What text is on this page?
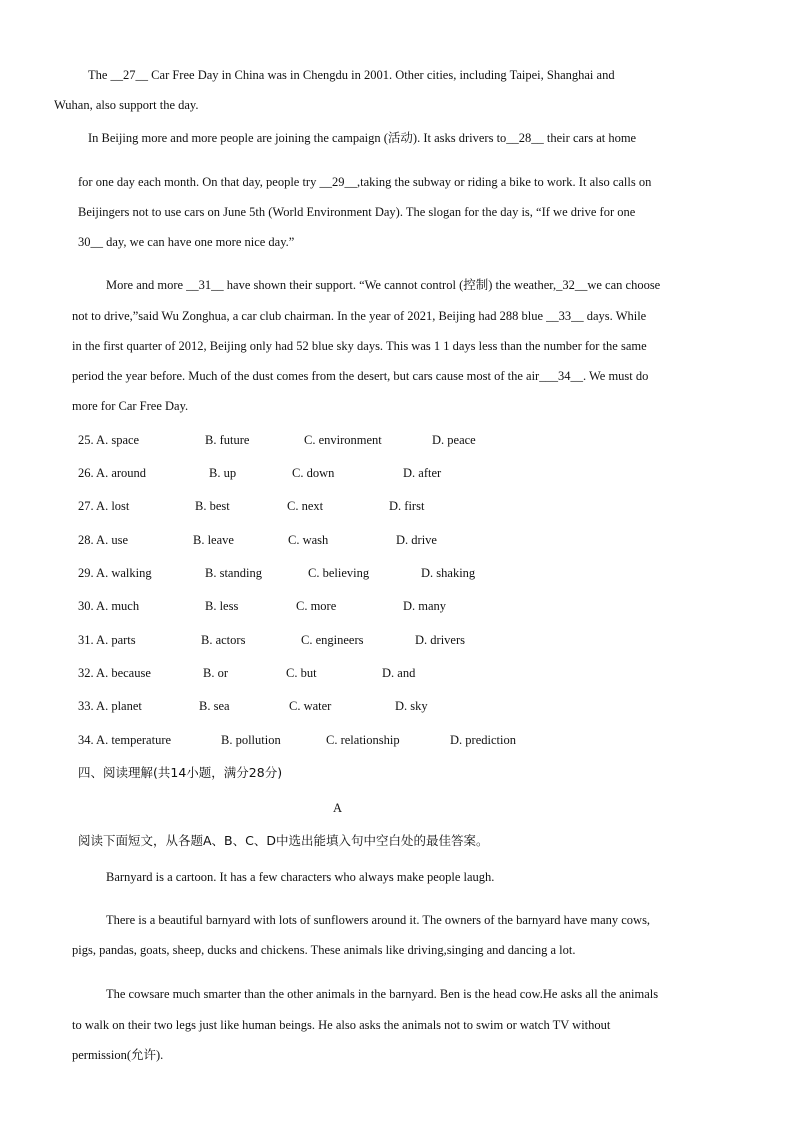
The __27__ Car Free Day in China was in Chengdu in 2001. Other cities, including Taipei, Shanghai and
Wuhan, also support the day.
In Beijing more and more people are joining the campaign (活动). It asks drivers to__28__ their cars at home
for one day each month. On that day, people try __29__,taking the subway or riding a bike to work. It also calls on
Beijingers not to use cars on June 5th (World Environment Day). The slogan for the day is, “If we drive for one
30__ day, we can have one more nice day.”
More and more __31__ have shown their support. “We cannot control (控制) the weather,_32__we can choose
not to drive,”said Wu Zonghua, a car club chairman. In the year of 2021, Beijing had 288 blue __33__ days. While
in the first quarter of 2012, Beijing only had 52 blue sky days. This was 1 1 days less than the number for the same
period the year before. Much of the dust comes from the desert, but cars cause most of the air___34__. We must do
more for Car Free Day.
25. A. space	B. future	C. environment	D. peace
26. A. around	B. up	C. down	D. after
27. A. lost	B. best	C. next	D. first
28. A. use	B. leave	C. wash	D. drive
29. A. walking	B. standing	C. believing	D. shaking
30. A. much	B. less	C. more	D. many
31. A. parts	B. actors	C. engineers	D. drivers
32. A. because	B. or	C. but	D. and
33. A. planet	B. sea	C. water	D. sky
34. A. temperature	B. pollution	C. relationship	D. prediction
四、阅读理解(共14小题，满分28分)
A
阅读下面短文，从各题A、B、C、D中选出能填入句中空白处的最佳答案。
Barnyard is a cartoon. It has a few characters who always make people laugh.
There is a beautiful barnyard with lots of sunflowers around it. The owners of the barnyard have many cows,
pigs, pandas, goats, sheep, ducks and chickens. These animals like driving,singing and dancing a lot.
The cowsare much smarter than the other animals in the barnyard. Ben is the head cow.He asks all the animals
to walk on their two legs just like human beings. He also asks the animals not to swim or watch TV without
permission(允许).
